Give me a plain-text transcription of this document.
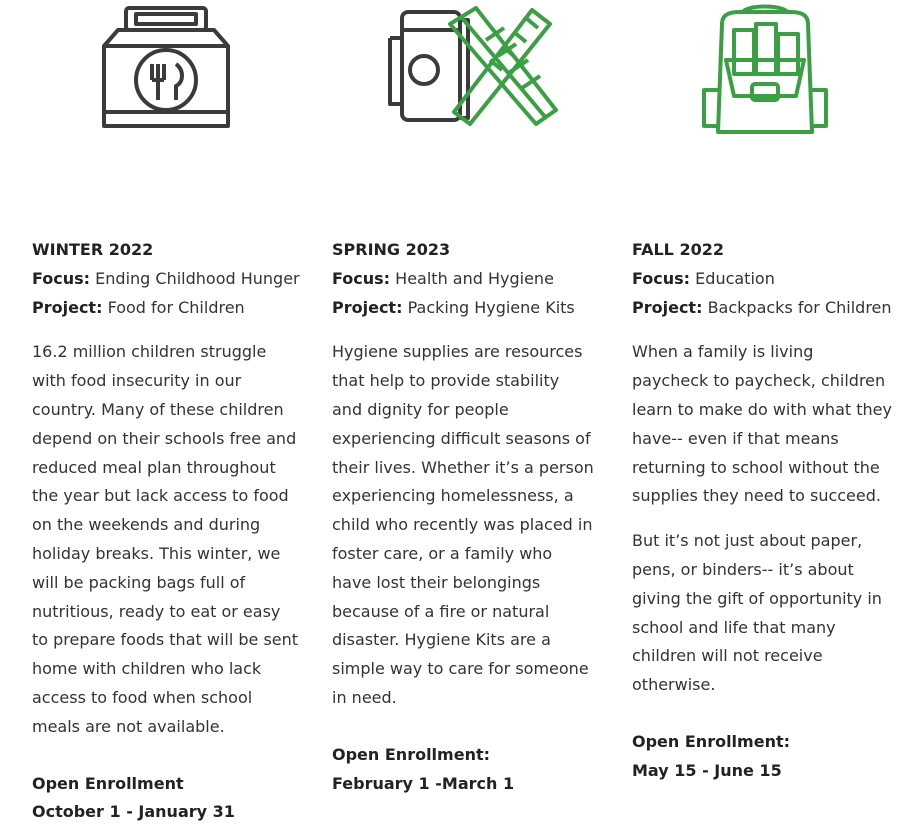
WINTER 2022

Focus: Ending Childhood Hunger

Project: Food for Children

16.2 million children struggle with food insecurity in our country. Many of these children depend on their schools free and reduced meal plan throughout the year but lack access to food on the weekends and during holiday breaks. This winter, we will be packing bags full of nutritious, ready to eat or easy to prepare foods that will be sent home with children who lack access to food when school meals are not available.

Open Enrollment

October 1 - January 31

SPRING 2023

Focus: Health and Hygiene

Project: Packing Hygiene Kits

Hygiene supplies are resources that help to provide stability and dignity for people experiencing difficult seasons of their lives. Whether it’s a person experiencing homelessness, a child who recently was placed in foster care, or a family who have lost their belongings because of a fire or natural disaster. Hygiene Kits are a simple way to care for someone in need.

Open Enrollment:

February 1 -March 1

FALL 2022

Focus: Education

Project: Backpacks for Children

When a family is living paycheck to paycheck, children learn to make do with what they have-- even if that means returning to school without the supplies they need to succeed.

But it’s not just about paper, pens, or binders-- it’s about giving the gift of opportunity in school and life that many children will not receive otherwise.

Open Enrollment:

May 15 - June 15
